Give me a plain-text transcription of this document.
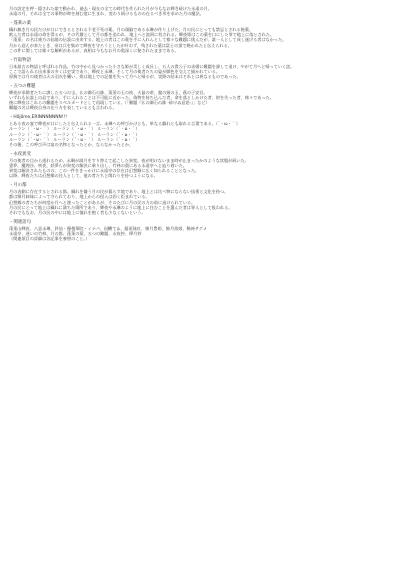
月の設定を押 - 隠された楽で動かれ、過去・現在の全ての時代を作られた月が今もなお輝き続けた永遠の月。

永遠の月、それは全ての事物が時を刻む度に生まれ、変わり続けるものの在るべき形を求めた月の魔法。

・蓬莱の薬

穢れ無き月の民だけが口にできるとされる不老不死の薬。月の頭脳である永琳が作り上げた、月の民にとっても禁忌とされる秘薬。

飲んだ者は永遠の命を得るが、その代償として月の都を追われ、地上へと流刑に処される。輝夜姫はこの薬を口にした罪で地上に落とされた。

「蓬莱」の名は東方の仙境の伝説に由来する。地上の者はこの薬を手に入れんとして様々な難題に挑んだが、誰一人として成し遂げる者はなかった。

月から迎えが来たとき、帝は兵を集めて輝夜を守ろうとしたが叶わず、残された薬は富士の頂で焼かれたと伝えられる。

この件に関しては様々な解釈があるが、真相は今もなお月の奥深くに秘されたままである。

・竹取物語

日本最古の物語と呼ばれる作品。竹の中から見つかった小さな姫が美しく成長し、五人の貴公子の求婚に難題を課して退け、やがて月へと帰っていく話。

ここで語られる出来事の多くは史実であり、輝夜と永琳、そして月の使者たちの姿が脚色を交えて描かれている。

原典では月の使者は天の羽衣を纏い、姫は地上での記憶を失って月へと帰るが、実際の結末はそれとは異なるものであった。

・五つの難題

輝夜が求婚者たちに課した五つの宝。仏の御石の鉢、蓬莱の玉の枝、火鼠の裘、龍の頸の玉、燕の子安貝。

いずれも伝説上の品であり、手に入れることは不可能に近かった。偽物を持ち込んだ者、命を落としかけた者、財を失った者、様々であった。

後に輝夜はこれらの難題をスペルカードとして再現している。（「難題『仏の御石の鉢 -砕けぬ意思-』」など）

難題の名は輝夜自身の在り方を表しているとも言われる。

・Hôjôme,ERINNNNNNN!!!

とある夜の宴で輝夜が口にしたと伝えられる一言。永琳への呼びかけとも、単なる戯れとも取れる言葉である。（´・ω・｀）

ルーラン（´・ω・｀）　ルーラン（´・ω・｀）　ルーラン（´・ω・｀）

ルーラン（´・ω・｀）　ルーラン（´・ω・｀）　ルーラン（´・ω・｀）

ルーラン（´・ω・｀）　ルーラン（´・ω・｀）　ルーラン（´・ω・｀）

その後、この呼び声は宴の名物となったとか、ならなかったとか。

・永夜異変

月の使者の目から逃れるため、永琳が満月をすり替えて起こした異変。夜が明けないまま時が止まったかのような状態が続いた。

霊夢、魔理沙、咲夜、妖夢らが異変の解決に乗り出し、竹林の奥にある永遠亭へと辿り着いた。

異変は解決されたものの、この一件をきっかけに永遠亭の存在は幻想郷に広く知られることとなった。

以降、輝夜たちは幻想郷の住人として、他の者たちと関わりを持つようになる。

・月の都

月の表側に存在するとされる都。穢れを嫌う月の民が暮らす地であり、地上とは比べ物にならない技術と文化を持つ。

都は綿月姉妹によって守られており、地上からの侵入は固く拒まれている。

幻想郷の者たちが何度か月へと渡ったことがあるが、そのたびに月の民の力の前に退けられている。

月の民にとって地上は穢れに満ちた場所であり、輝夜や永琳のように地上に住むことを選んだ者は罪人として扱われる。

それでもなお、月の民の中には地上に憧れを抱く者も少なくないという。

・関連語句

蓬莱山輝夜、八意永琳、鈴仙・優曇華院・イナバ、因幡てゐ、藤原妹紅、綿月豊姫、綿月依姫、稀神サグメ

永遠亭、迷いの竹林、月の都、蓬莱の薬、五つの難題、永夜抄、儚月抄

（関連項目の詳細は各記事を参照のこと。）
